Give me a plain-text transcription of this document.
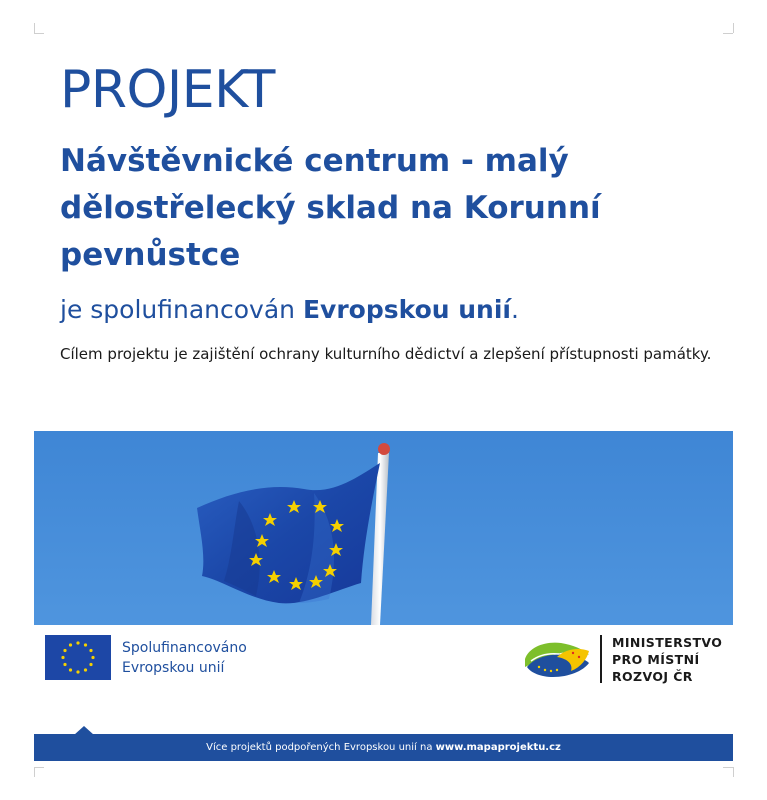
PROJEKT
Návštěvnické centrum - malý dělostřelecký sklad na Korunní pevnůstce
je spolufinancován Evropskou unií.
Cílem projektu je zajištění ochrany kulturního dědictví a zlepšení přístupnosti památky.
Spolufinancováno
Evropskou unií
MINISTERSTVO
PRO MÍSTNÍ
ROZVOJ ČR
Více projektů podpořených Evropskou unií na www.mapaprojektu.cz
